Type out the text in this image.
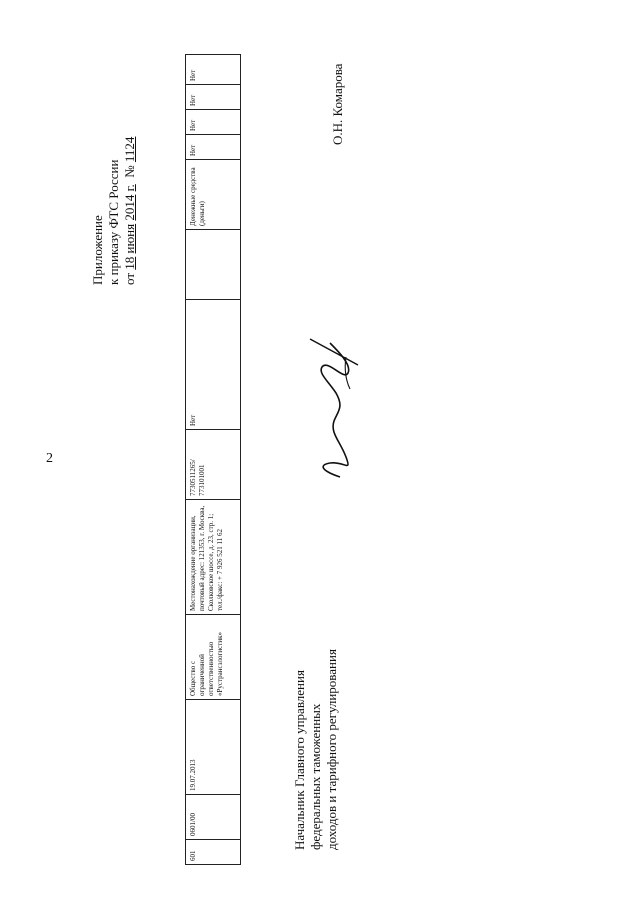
2
Приложение к приказу ФТС России от 18 июня 2014 г.  № 1124
601	0601/00	19.07.2013	Общество с ограниченной ответственностью «Рустрансзлогистик»	Местонахождение организации, почтовый адрес: 121353, г. Москва, Сколковское шоссе, д. 23, стр. 1; тел./факс: + 7 926 521 11 62	7730511265/ 773101001	Нет		Денежные средства (деньги)	Нет	Нет	Нет	Нет
Начальник Главного управления федеральных таможенных доходов и тарифного регулирования
О.Н. Комарова
